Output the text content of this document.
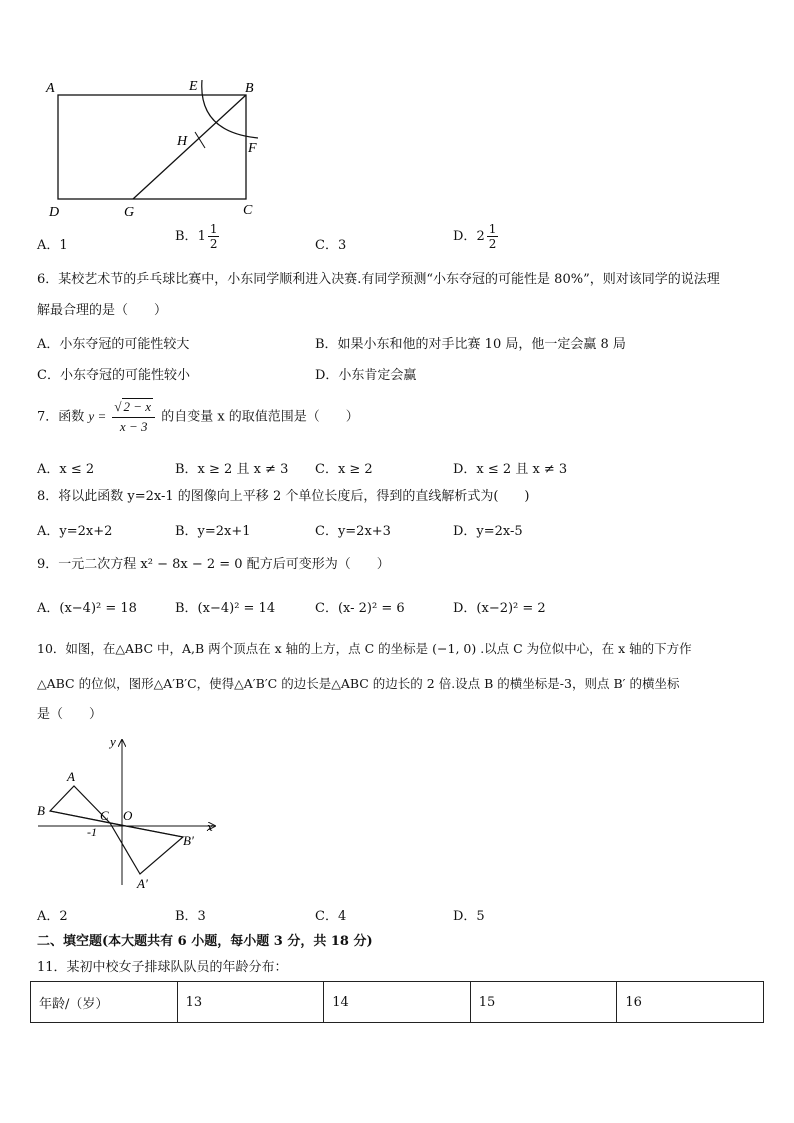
A	E	B
H	F
D	G	C
A．1
B．$1 \frac{1}{2}$	C．3
D．$2 \frac{1}{2}$
6．某校艺术节的乒乓球比赛中，小东同学顺利进入决赛.有同学预测“小东夺冠的可能性是 80%”，则对该同学的说法理
解最合理的是（　　）
A．小东夺冠的可能性较大	B．如果小东和他的对手比赛 10 局，他一定会赢 8 局
C．小东夺冠的可能性较小	D．小东肯定会赢
7．函数 $y = \frac{√ 2 - x}{x - 3}$ 的自变量 x 的取值范围是（　　）
A．x ≤ 2	B．x ≥ 2 且 x ≠ 3 C．x ≥ 2	D．x ≤ 2 且 x ≠ 3
8．将以此函数 y=2x-1 的图像向上平移 2 个单位长度后，得到的直线解析式为(　　)
A．y=2x+2	B．y=2x+1	C．y=2x+3	D．y=2x-5
9．一元二次方程 x² − 8x − 2 = 0 配方后可变形为（　　）
A．(x−4)² = 18	B．(x−4)² = 14	C．(x- 2)² = 6	D．(x−2)² = 2
10．如图，在△ABC 中，A,B 两个顶点在 x 轴的上方，点 C 的坐标是 (−1, 0) .以点 C 为位似中心，在 x 轴的下方作
△ABC 的位似，图形△A′B′C，使得△A′B′C 的边长是△ABC 的边长的 2 倍.设点 B 的横坐标是-3，则点 B′ 的横坐标
是（　　）
y
A
B	C O
-1	x
B′
A′
A．2	B．3	C．4	D．5
二、填空题(本大题共有 6 小题，每小题 3 分，共 18 分)
11．某初中校女子排球队队员的年龄分布：
年龄/（岁）	13	14	15	16
